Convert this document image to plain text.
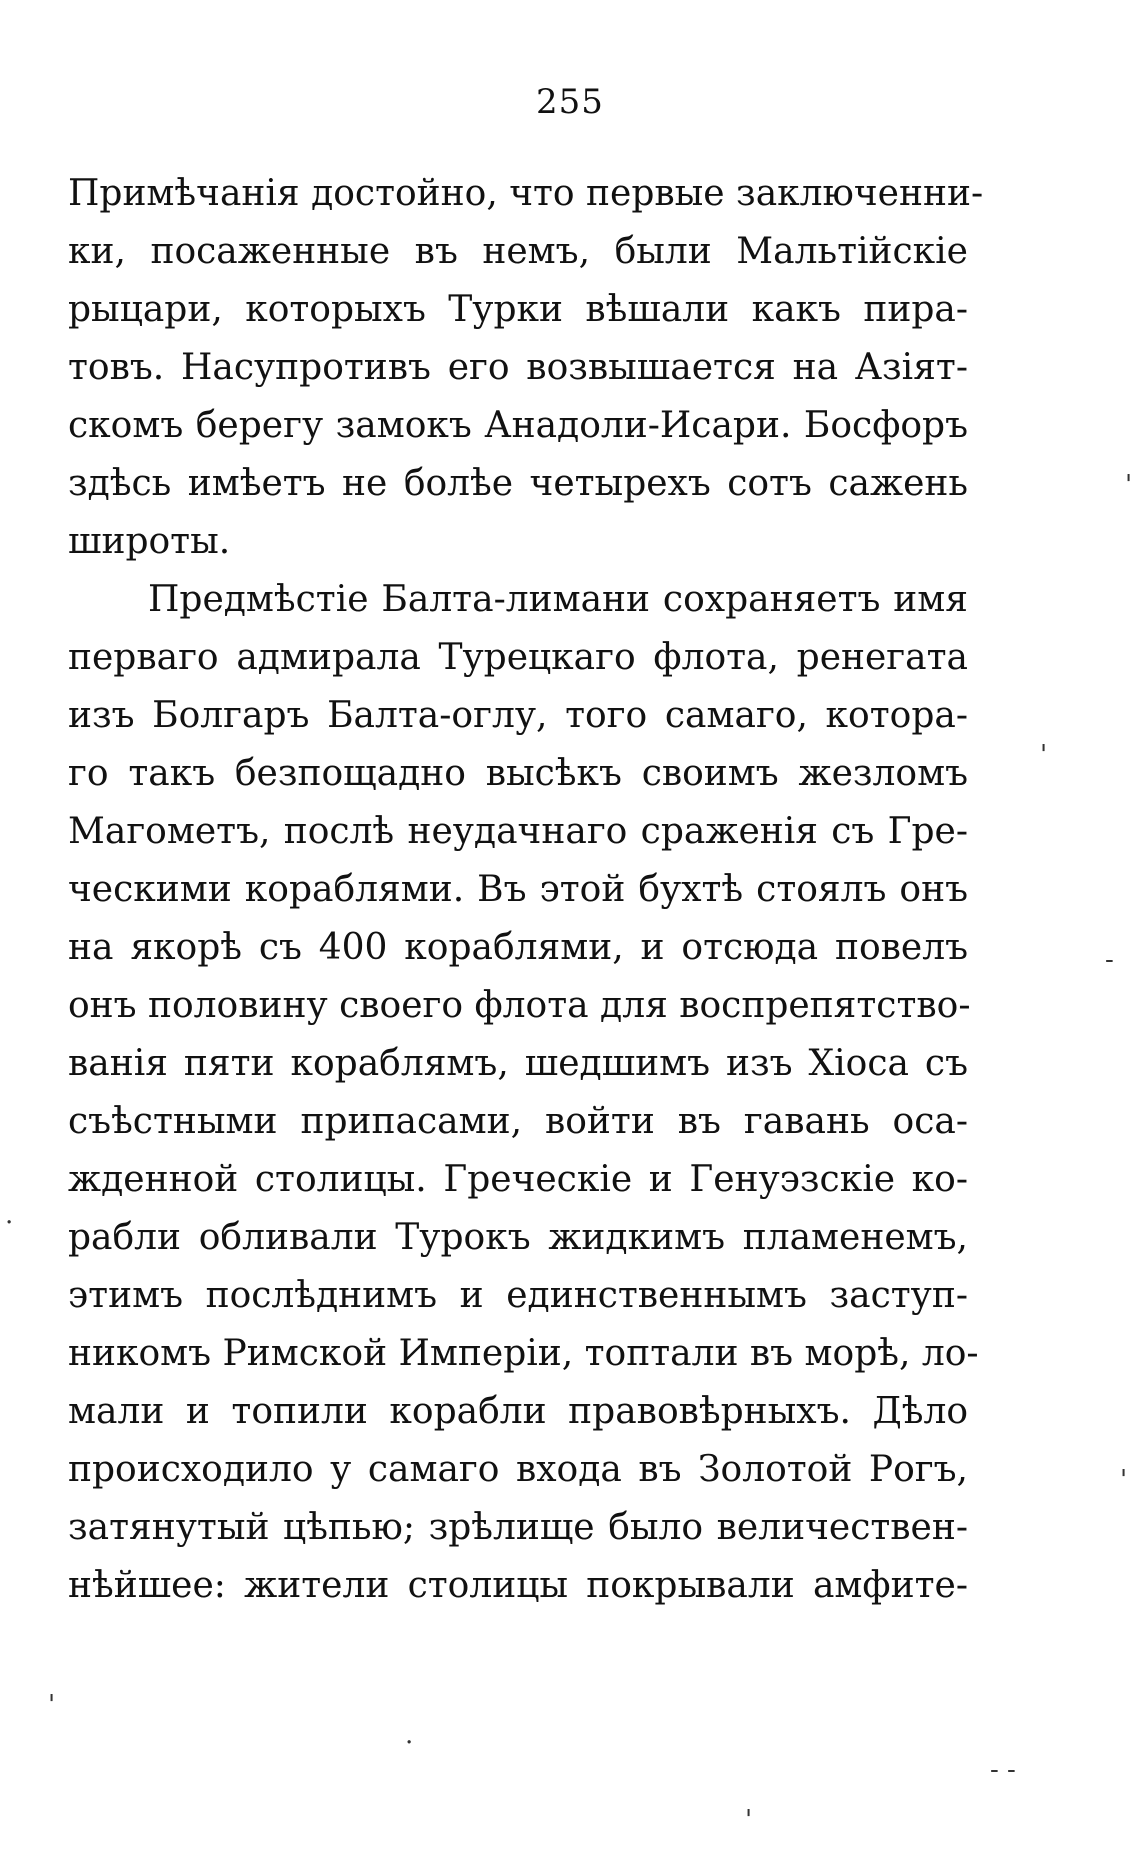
255
Примѣчанія достойно, что первые заключенни-
ки, посаженные въ немъ, были Мальтійскіе
рыцари, которыхъ Турки вѣшали какъ пира-
товъ. Насупротивъ его возвышается на Азіят-
скомъ берегу замокъ Анадоли-Исари. Босфоръ
здѣсь имѣетъ не болѣе четырехъ сотъ сажень
широты.
Предмѣстіе Балта-лимани сохраняетъ имя
перваго адмирала Турецкаго флота, ренегата
изъ Болгаръ Балта-оглу, того самаго, которa-
го такъ безпощадно высѣкъ своимъ жезломъ
Магометъ, послѣ неудачнаго сраженія съ Гре-
ческими кораблями. Въ этой бухтѣ стоялъ онъ
на якорѣ съ 400 кораблями, и отсюда повелъ
онъ половину своего флота для воспрепятство-
ванія пяти кораблямъ, шедшимъ изъ Хіоса съ
съѣстными припасами, войти въ гавань оса-
жденной столицы. Греческіе и Генуэзскіе ко-
рабли обливали Турокъ жидкимъ пламенемъ,
этимъ послѣднимъ и единственнымъ заступ-
никомъ Римской Имперіи, топтали въ морѣ, ло-
мали и топили корабли правовѣрныхъ. Дѣло
происходило у самаго входа въ Золотой Рогъ,
затянутый цѣпью; зрѣлище было величествен-
нѣйшее: жители столицы покрывали амфите-
'
'
-
.
'
'
.
- -
'
